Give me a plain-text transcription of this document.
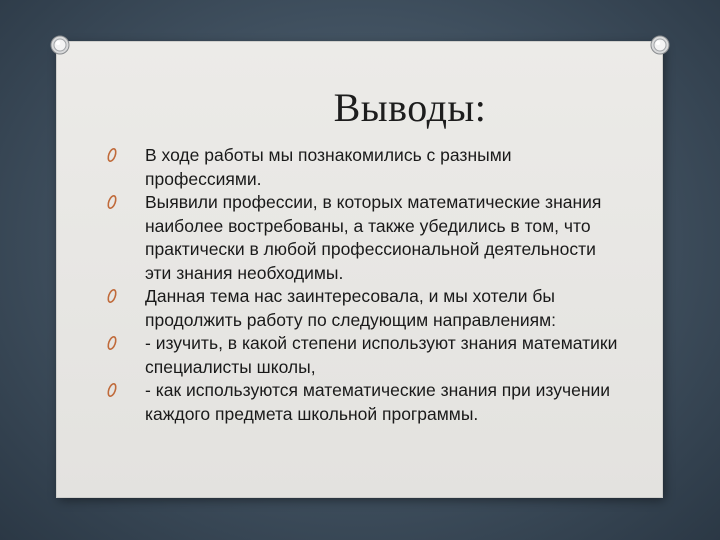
Выводы:
В ходе работы мы познакомились с разными профессиями.
Выявили профессии, в которых математические знания наиболее востребованы, а также убедились в том, что практически в любой профессиональной деятельности эти знания необходимы.
Данная тема нас заинтересовала, и мы хотели бы продолжить работу по следующим направлениям:
- изучить, в какой степени используют знания математики специалисты школы,
- как используются математические знания при изучении каждого предмета школьной программы.
